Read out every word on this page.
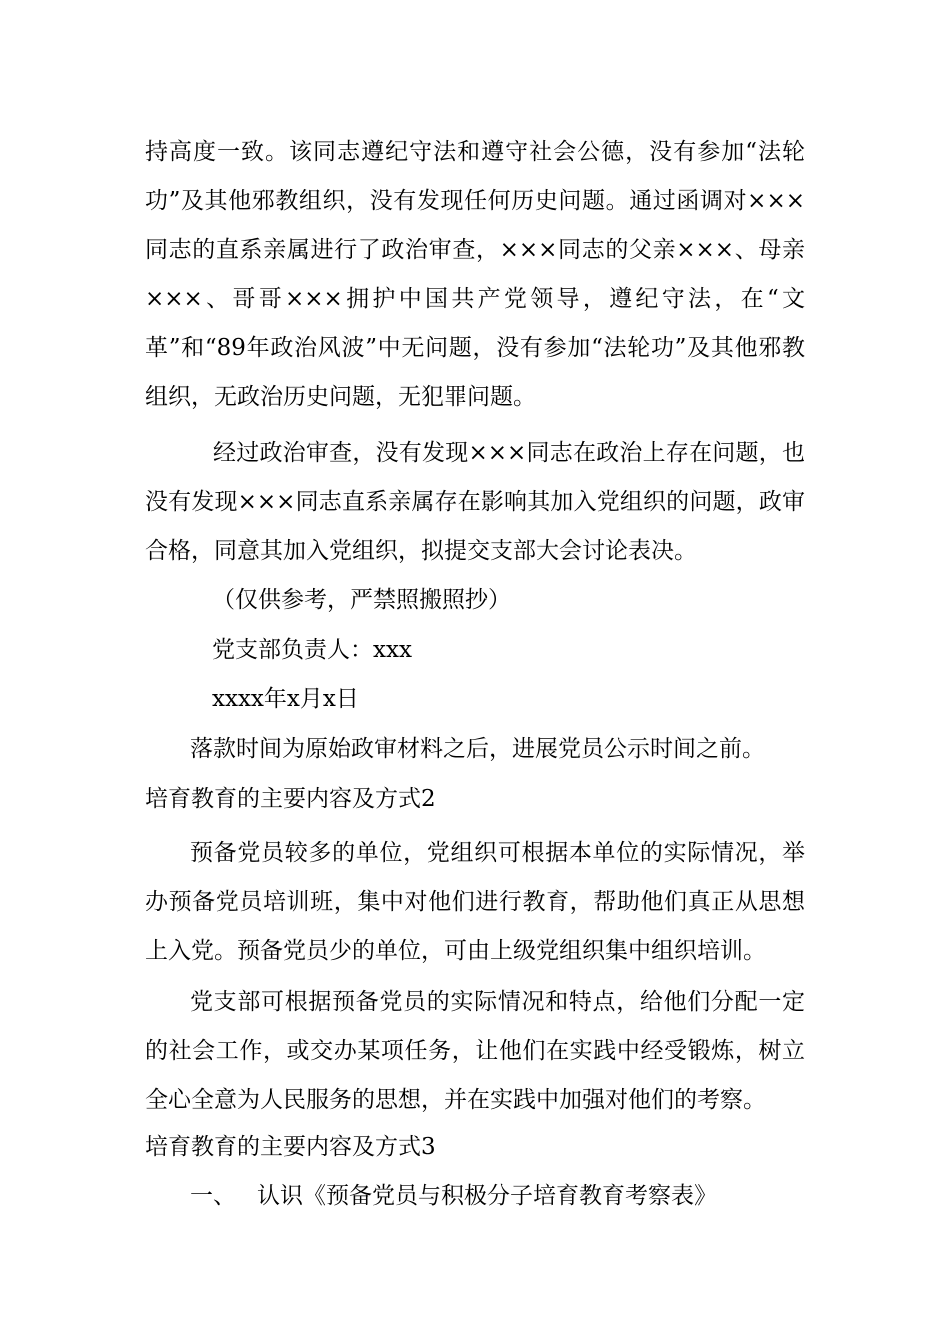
持高度一致。该同志遵纪守法和遵守社会公德，没有参加“法轮功”及其他邪教组织，没有发现任何历史问题。通过函调对×××同志的直系亲属进行了政治审查，×××同志的父亲×××、母亲×××、哥哥×××拥护中国共产党领导，遵纪守法，在“文革”和“89年政治风波”中无问题，没有参加“法轮功”及其他邪教组织，无政治历史问题，无犯罪问题。

经过政治审查，没有发现×××同志在政治上存在问题，也没有发现×××同志直系亲属存在影响其加入党组织的问题，政审合格，同意其加入党组织，拟提交支部大会讨论表决。

（仅供参考，严禁照搬照抄）
党支部负责人：xxx
xxxx年x月x日
落款时间为原始政审材料之后，进展党员公示时间之前。
培育教育的主要内容及方式2

预备党员较多的单位，党组织可根据本单位的实际情况，举办预备党员培训班，集中对他们进行教育，帮助他们真正从思想上入党。预备党员少的单位，可由上级党组织集中组织培训。

党支部可根据预备党员的实际情况和特点，给他们分配一定的社会工作，或交办某项任务，让他们在实践中经受锻炼，树立全心全意为人民服务的思想，并在实践中加强对他们的考察。

培育教育的主要内容及方式3
一、 认识《预备党员与积极分子培育教育考察表》
